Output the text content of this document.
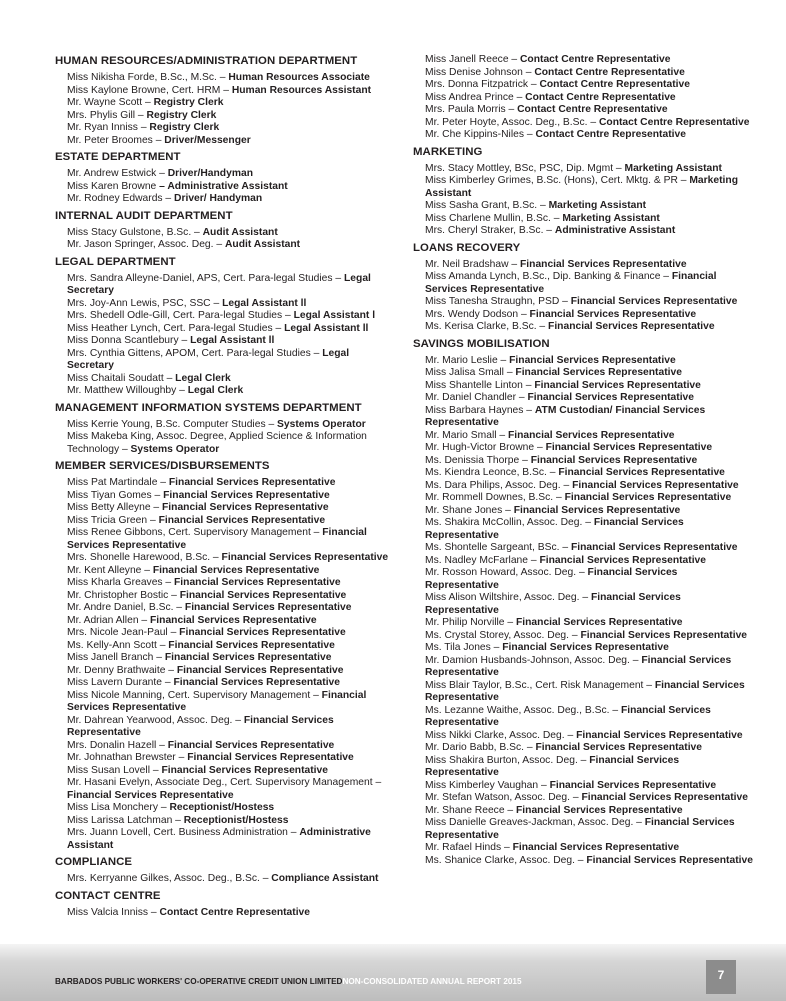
HUMAN RESOURCES/ADMINISTRATION DEPARTMENT
Miss Nikisha Forde, B.Sc., M.Sc. – Human Resources Associate
Miss Kaylone Browne, Cert. HRM – Human Resources Assistant
Mr. Wayne Scott – Registry Clerk
Mrs. Phylis Gill – Registry Clerk
Mr. Ryan Inniss – Registry Clerk
Mr. Peter Broomes – Driver/Messenger
ESTATE DEPARTMENT
Mr. Andrew Estwick – Driver/Handyman
Miss Karen Browne – Administrative Assistant
Mr. Rodney Edwards – Driver/ Handyman
INTERNAL AUDIT DEPARTMENT
Miss Stacy Gulstone, B.Sc. – Audit Assistant
Mr. Jason Springer, Assoc. Deg. – Audit Assistant
LEGAL DEPARTMENT
Mrs. Sandra Alleyne-Daniel, APS, Cert. Para-legal Studies – Legal Secretary
Mrs. Joy-Ann Lewis, PSC, SSC – Legal Assistant ll
Mrs. Shedell Odle-Gill, Cert. Para-legal Studies – Legal Assistant l
Miss Heather Lynch, Cert. Para-legal Studies – Legal Assistant ll
Miss Donna Scantlebury – Legal Assistant ll
Mrs. Cynthia Gittens, APOM, Cert. Para-legal Studies – Legal Secretary
Miss Chaitali Soudatt – Legal Clerk
Mr. Matthew Willoughby – Legal Clerk
MANAGEMENT INFORMATION SYSTEMS DEPARTMENT
Miss Kerrie Young, B.Sc. Computer Studies – Systems Operator
Miss Makeba King, Assoc. Degree, Applied Science & Information Technology – Systems Operator
MEMBER SERVICES/DISBURSEMENTS
Miss Pat Martindale – Financial Services Representative
Miss Tiyan Gomes – Financial Services Representative
Miss Betty Alleyne – Financial Services Representative
Miss Tricia Green – Financial Services Representative
Miss Renee Gibbons, Cert. Supervisory Management – Financial Services Representative
Mrs. Shonelle Harewood, B.Sc. – Financial Services Representative
Mr. Kent Alleyne – Financial Services Representative
Miss Kharla Greaves – Financial Services Representative
Mr. Christopher Bostic – Financial Services Representative
Mr. Andre Daniel, B.Sc. – Financial Services Representative
Mr. Adrian Allen – Financial Services Representative
Mrs. Nicole Jean-Paul – Financial Services Representative
Ms. Kelly-Ann Scott – Financial Services Representative
Miss Janell Branch – Financial Services Representative
Mr. Denny Brathwaite – Financial Services Representative
Miss Lavern Durante – Financial Services Representative
Miss Nicole Manning, Cert. Supervisory Management – Financial Services Representative
Mr. Dahrean Yearwood, Assoc. Deg. – Financial Services Representative
Mrs. Donalin Hazell – Financial Services Representative
Mr. Johnathan Brewster – Financial Services Representative
Miss Susan Lovell – Financial Services Representative
Mr. Hasani Evelyn, Associate Deg., Cert. Supervisory Management – Financial Services Representative
Miss Lisa Monchery – Receptionist/Hostess
Miss Larissa Latchman – Receptionist/Hostess
Mrs. Juann Lovell, Cert. Business Administration – Administrative Assistant
COMPLIANCE
Mrs. Kerryanne Gilkes, Assoc. Deg., B.Sc. – Compliance Assistant
CONTACT CENTRE
Miss Valcia Inniss – Contact Centre Representative
Miss Janell Reece – Contact Centre Representative
Miss Denise Johnson – Contact Centre Representative
Mrs. Donna Fitzpatrick – Contact Centre Representative
Miss Andrea Prince – Contact Centre Representative
Mrs. Paula Morris – Contact Centre Representative
Mr. Peter Hoyte, Assoc. Deg., B.Sc. – Contact Centre Representative
Mr. Che Kippins-Niles – Contact Centre Representative
MARKETING
Mrs. Stacy Mottley, BSc, PSC, Dip. Mgmt – Marketing Assistant
Miss Kimberley Grimes, B.Sc. (Hons), Cert. Mktg. & PR – Marketing Assistant
Miss Sasha Grant, B.Sc. – Marketing Assistant
Miss Charlene Mullin, B.Sc. – Marketing Assistant
Mrs. Cheryl Straker, B.Sc. – Administrative Assistant
LOANS RECOVERY
Mr. Neil Bradshaw – Financial Services Representative
Miss Amanda Lynch, B.Sc., Dip. Banking & Finance – Financial Services Representative
Miss Tanesha Straughn, PSD – Financial Services Representative
Mrs. Wendy Dodson – Financial Services Representative
Ms. Kerisa Clarke, B.Sc. – Financial Services Representative
SAVINGS MOBILISATION
Mr. Mario Leslie – Financial Services Representative
Miss Jalisa Small – Financial Services Representative
Miss Shantelle Linton – Financial Services Representative
Mr. Daniel Chandler – Financial Services Representative
Miss Barbara Haynes – ATM Custodian/ Financial Services Representative
Mr. Mario Small – Financial Services Representative
Mr. Hugh-Victor Browne – Financial Services Representative
Ms. Denissia Thorpe – Financial Services Representative
Ms. Kiendra Leonce, B.Sc. – Financial Services Representative
Ms. Dara Philips, Assoc. Deg. – Financial Services Representative
Mr. Rommell Downes, B.Sc. – Financial Services Representative
Mr. Shane Jones – Financial Services Representative
Ms. Shakira McCollin, Assoc. Deg. – Financial Services Representative
Ms. Shontelle Sargeant, BSc. – Financial Services Representative
Ms. Nadley McFarlane – Financial Services Representative
Mr. Rosson Howard, Assoc. Deg. – Financial Services Representative
Miss Alison Wiltshire, Assoc. Deg. – Financial Services Representative
Mr. Philip Norville – Financial Services Representative
Ms. Crystal Storey, Assoc. Deg. – Financial Services Representative
Ms. Tila Jones – Financial Services Representative
Mr. Damion Husbands-Johnson, Assoc. Deg. – Financial Services Representative
Miss Blair Taylor, B.Sc., Cert. Risk Management – Financial Services Representative
Ms. Lezanne Waithe, Assoc. Deg., B.Sc. – Financial Services Representative
Miss Nikki Clarke, Assoc. Deg. – Financial Services Representative
Mr. Dario Babb, B.Sc. – Financial Services Representative
Miss Shakira Burton, Assoc. Deg. – Financial Services Representative
Miss Kimberley Vaughan – Financial Services Representative
Mr. Stefan Watson, Assoc. Deg. – Financial Services Representative
Mr. Shane Reece – Financial Services Representative
Miss Danielle Greaves-Jackman, Assoc. Deg. – Financial Services Representative
Mr. Rafael Hinds – Financial Services Representative
Ms. Shanice Clarke, Assoc. Deg. – Financial Services Representative
BARBADOS PUBLIC WORKERS' CO-OPERATIVE CREDIT UNION LIMITEDNON-CONSOLIDATED ANNUAL REPORT 2015	7
